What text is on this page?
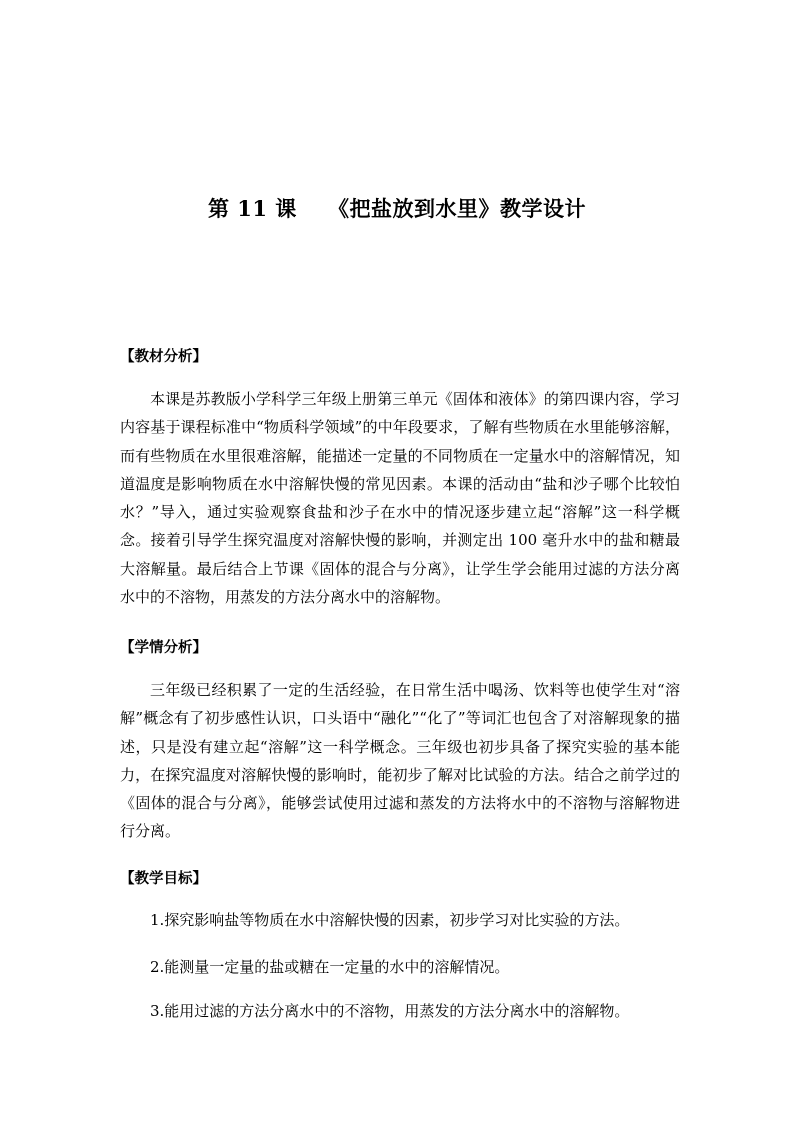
第 11 课    《把盐放到水里》教学设计
【教材分析】
本课是苏教版小学科学三年级上册第三单元《固体和液体》的第四课内容，学习内容基于课程标准中“物质科学领域”的中年段要求，了解有些物质在水里能够溶解，而有些物质在水里很难溶解，能描述一定量的不同物质在一定量水中的溶解情况，知道温度是影响物质在水中溶解快慢的常见因素。本课的活动由“盐和沙子哪个比较怕水？”导入，通过实验观察食盐和沙子在水中的情况逐步建立起“溶解”这一科学概念。接着引导学生探究温度对溶解快慢的影响，并测定出 100 毫升水中的盐和糖最大溶解量。最后结合上节课《固体的混合与分离》，让学生学会能用过滤的方法分离水中的不溶物，用蒸发的方法分离水中的溶解物。
【学情分析】
三年级已经积累了一定的生活经验，在日常生活中喝汤、饮料等也使学生对“溶解”概念有了初步感性认识，口头语中“融化”“化了”等词汇也包含了对溶解现象的描述，只是没有建立起“溶解”这一科学概念。三年级也初步具备了探究实验的基本能力，在探究温度对溶解快慢的影响时，能初步了解对比试验的方法。结合之前学过的《固体的混合与分离》，能够尝试使用过滤和蒸发的方法将水中的不溶物与溶解物进行分离。
【教学目标】
1.探究影响盐等物质在水中溶解快慢的因素，初步学习对比实验的方法。
2.能测量一定量的盐或糖在一定量的水中的溶解情况。
3.能用过滤的方法分离水中的不溶物，用蒸发的方法分离水中的溶解物。
